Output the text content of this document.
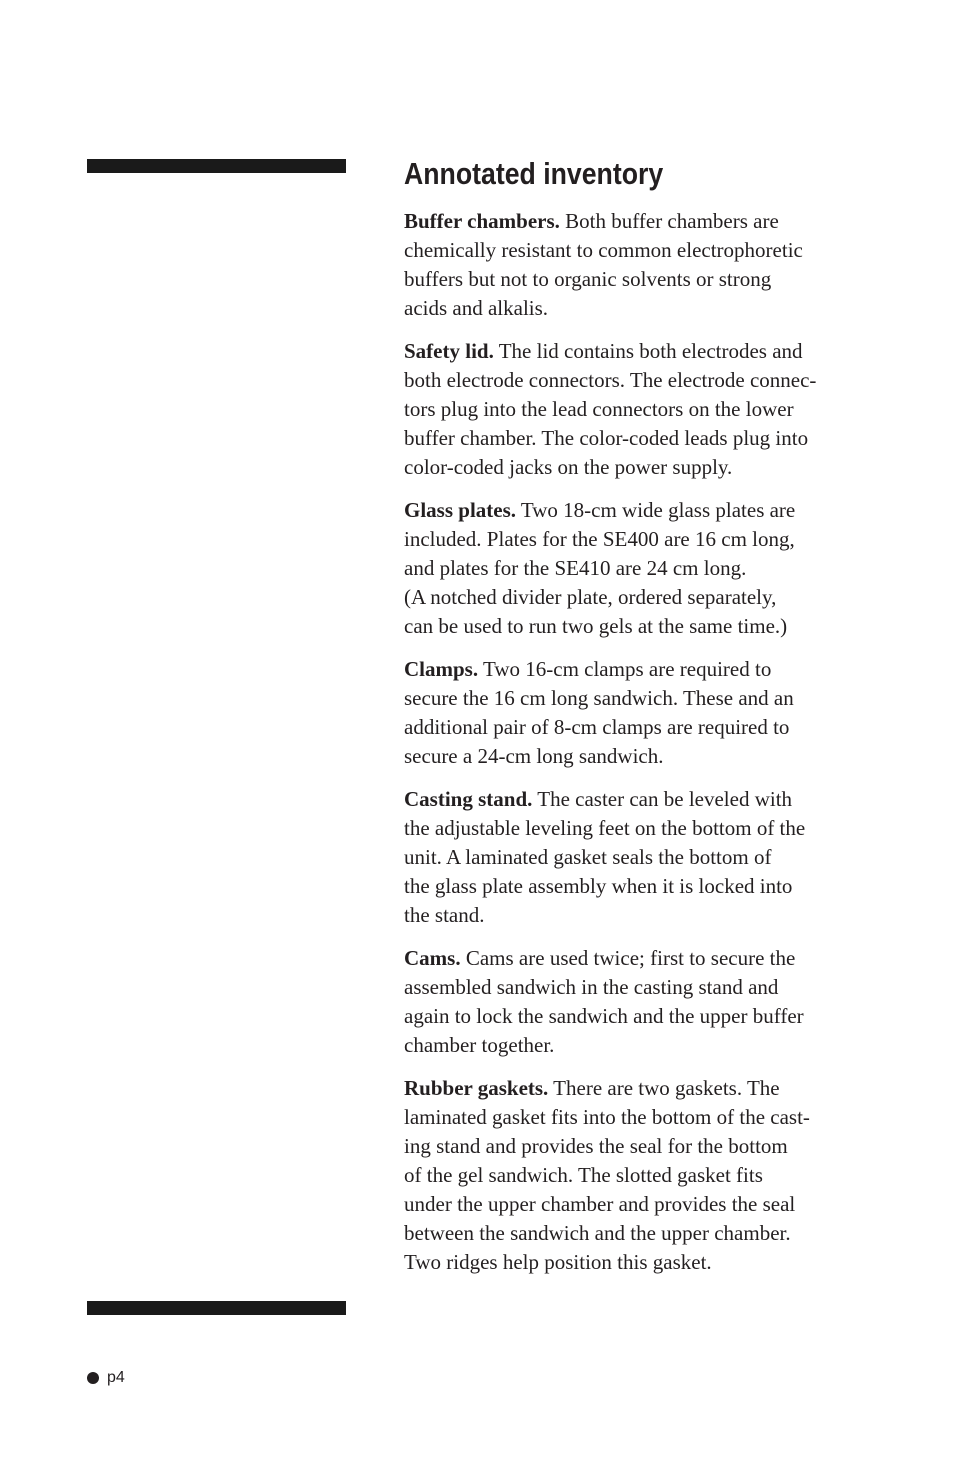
Annotated inventory

Buffer chambers. Both buffer chambers are
chemically resistant to common electrophoretic
buffers but not to organic solvents or strong
acids and alkalis.

Safety lid. The lid contains both electrodes and
both electrode connectors. The electrode connec-
tors plug into the lead connectors on the lower
buffer chamber. The color-coded leads plug into
color-coded jacks on the power supply.

Glass plates. Two 18-cm wide glass plates are
included. Plates for the SE400 are 16 cm long,
and plates for the SE410 are 24 cm long.
(A notched divider plate, ordered separately,
can be used to run two gels at the same time.)

Clamps. Two 16-cm clamps are required to
secure the 16 cm long sandwich. These and an
additional pair of 8-cm clamps are required to
secure a 24-cm long sandwich.

Casting stand. The caster can be leveled with
the adjustable leveling feet on the bottom of the
unit. A laminated gasket seals the bottom of
the glass plate assembly when it is locked into
the stand.

Cams. Cams are used twice; first to secure the
assembled sandwich in the casting stand and
again to lock the sandwich and the upper buffer
chamber together.

Rubber gaskets. There are two gaskets. The
laminated gasket fits into the bottom of the cast-
ing stand and provides the seal for the bottom
of the gel sandwich. The slotted gasket fits
under the upper chamber and provides the seal
between the sandwich and the upper chamber.
Two ridges help position this gasket.

p4
